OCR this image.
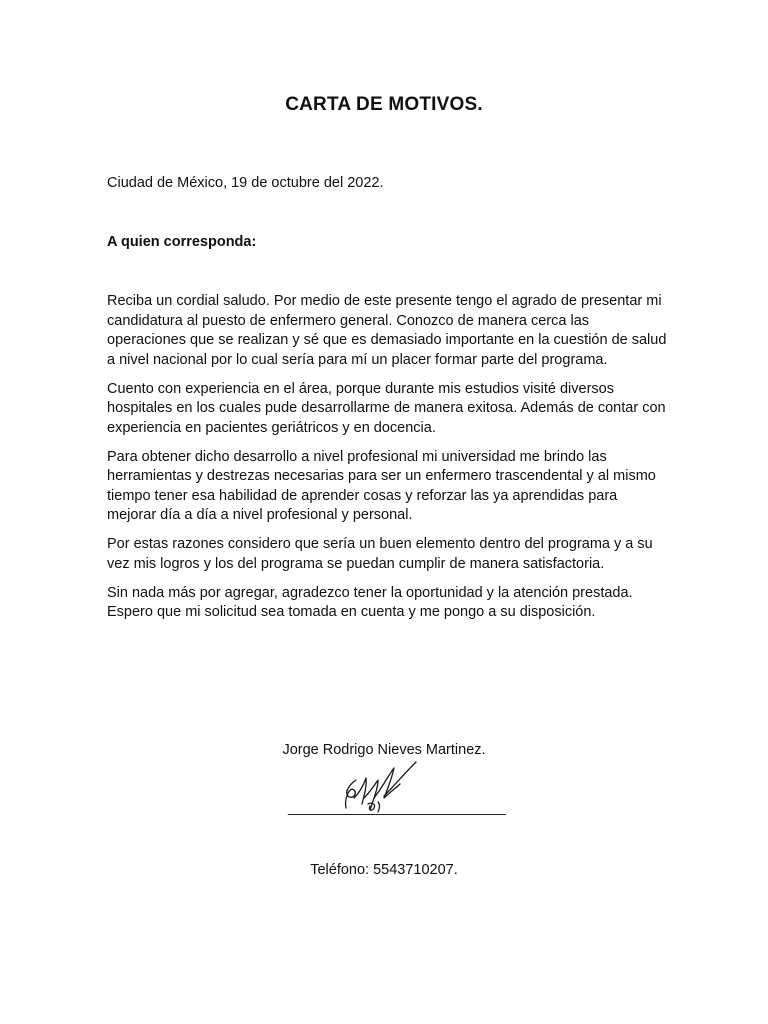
CARTA DE MOTIVOS.

Ciudad de México, 19 de octubre del 2022.

A quien corresponda:

Reciba un cordial saludo. Por medio de este presente tengo el agrado de presentar mi candidatura al puesto de enfermero general. Conozco de manera cerca las operaciones que se realizan y sé que es demasiado importante en la cuestión de salud a nivel nacional por lo cual sería para mí un placer formar parte del programa.

Cuento con experiencia en el área, porque durante mis estudios visité diversos hospitales en los cuales pude desarrollarme de manera exitosa. Además de contar con experiencia en pacientes geriátricos y en docencia.

Para obtener dicho desarrollo a nivel profesional mi universidad me brindo las herramientas y destrezas necesarias para ser un enfermero trascendental y al mismo tiempo tener esa habilidad de aprender cosas y reforzar las ya aprendidas para mejorar día a día a nivel profesional y personal.

Por estas razones considero que sería un buen elemento dentro del programa y a su vez mis logros y los del programa se puedan cumplir de manera satisfactoria.

Sin nada más por agregar, agradezco tener la oportunidad y la atención prestada. Espero que mi solicitud sea tomada en cuenta y me pongo a su disposición.

Jorge Rodrigo Nieves Martinez.

___________________________

Teléfono: 5543710207.
